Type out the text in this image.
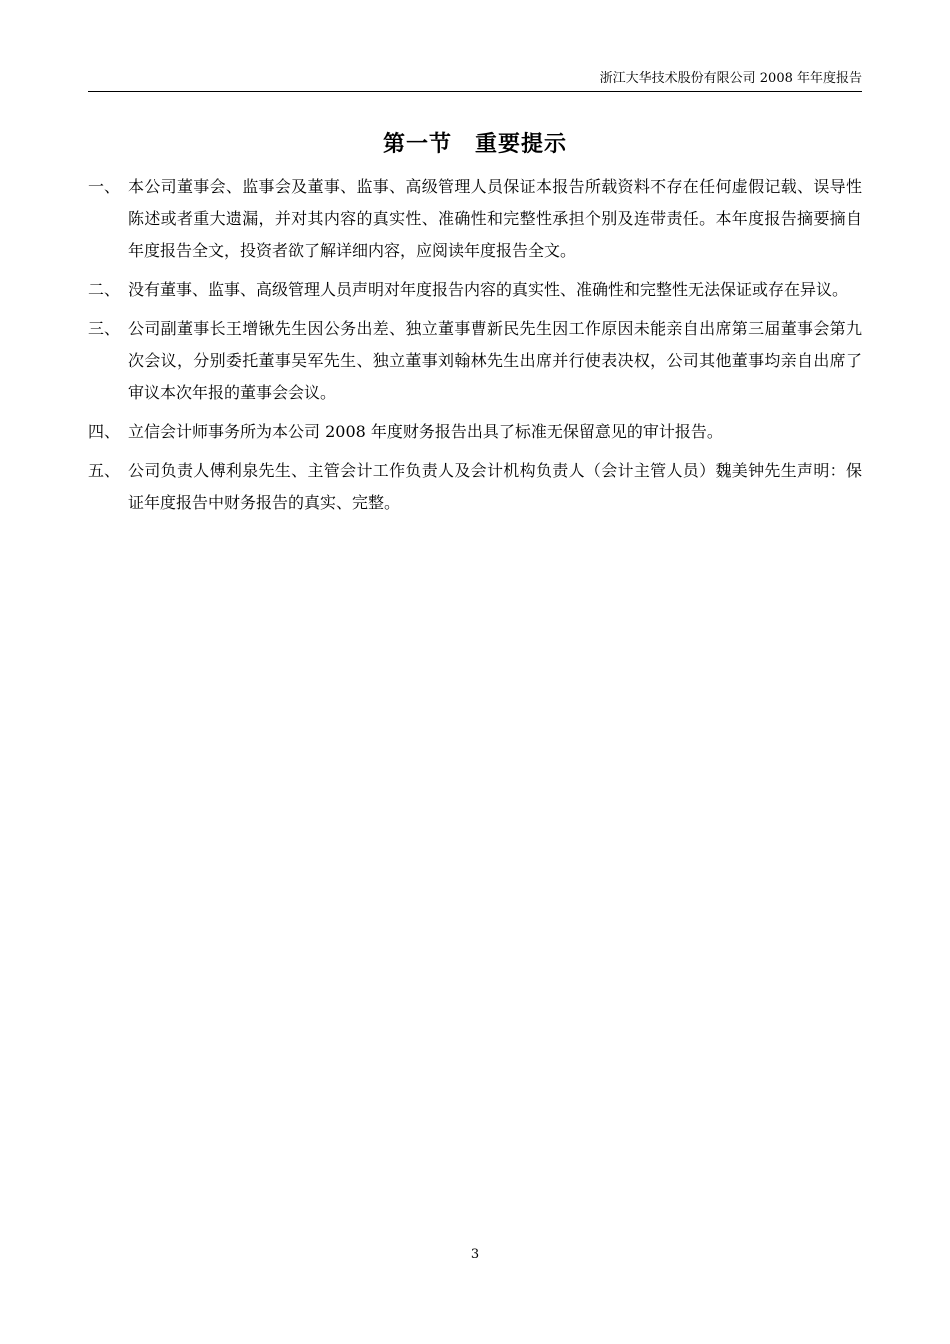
浙江大华技术股份有限公司 2008 年年度报告
第一节　重要提示
一、 本公司董事会、监事会及董事、监事、高级管理人员保证本报告所载资料不存在任何虚假记载、误导性陈述或者重大遗漏，并对其内容的真实性、准确性和完整性承担个别及连带责任。本年度报告摘要摘自年度报告全文，投资者欲了解详细内容，应阅读年度报告全文。
二、 没有董事、监事、高级管理人员声明对年度报告内容的真实性、准确性和完整性无法保证或存在异议。
三、 公司副董事长王增锹先生因公务出差、独立董事曹新民先生因工作原因未能亲自出席第三届董事会第九次会议，分别委托董事吴军先生、独立董事刘翰林先生出席并行使表决权，公司其他董事均亲自出席了审议本次年报的董事会会议。
四、 立信会计师事务所为本公司 2008 年度财务报告出具了标准无保留意见的审计报告。
五、 公司负责人傅利泉先生、主管会计工作负责人及会计机构负责人（会计主管人员）魏美钟先生声明：保证年度报告中财务报告的真实、完整。
3
